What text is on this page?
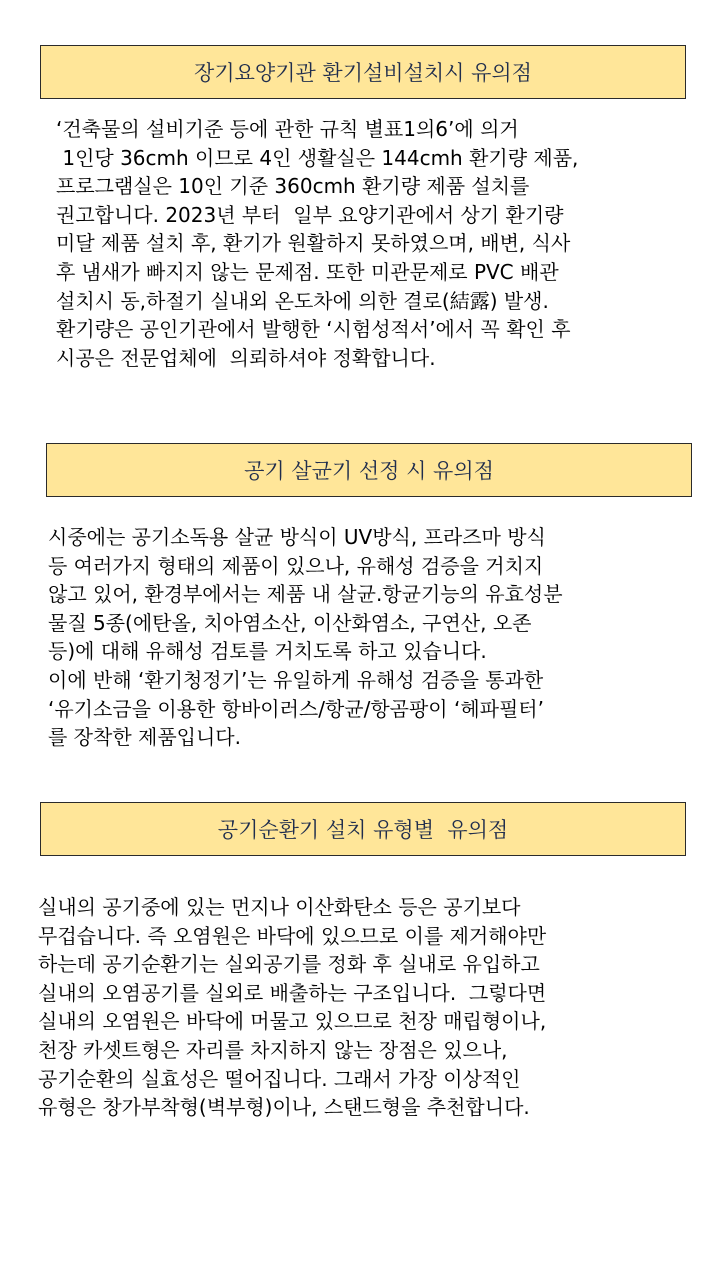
장기요양기관 환기설비설치시 유의점
‘건축물의 설비기준 등에 관한 규칙 별표1의6’에 의거
1인당 36cmh 이므로 4인 생활실은 144cmh 환기량 제품,
프로그램실은 10인 기준 360cmh 환기량 제품 설치를
권고합니다. 2023년 부터  일부 요양기관에서 상기 환기량
미달 제품 설치 후, 환기가 원활하지 못하였으며, 배변, 식사
후 냄새가 빠지지 않는 문제점. 또한 미관문제로 PVC 배관
설치시 동,하절기 실내외 온도차에 의한 결로(結露) 발생.
환기량은 공인기관에서 발행한 ‘시험성적서’에서 꼭 확인 후
시공은 전문업체에  의뢰하셔야 정확합니다.
공기 살균기 선정 시 유의점
시중에는 공기소독용 살균 방식이 UV방식, 프라즈마 방식
등 여러가지 형태의 제품이 있으나, 유해성 검증을 거치지
않고 있어, 환경부에서는 제품 내 살균.항균기능의 유효성분
물질 5종(에탄올, 치아염소산, 이산화염소, 구연산, 오존
등)에 대해 유해성 검토를 거치도록 하고 있습니다.
이에 반해 ‘환기청정기’는 유일하게 유해성 검증을 통과한
‘유기소금을 이용한 항바이러스/항균/항곰팡이 ‘헤파필터’
를 장착한 제품입니다.
공기순환기 설치 유형별  유의점
실내의 공기중에 있는 먼지나 이산화탄소 등은 공기보다
무겁습니다. 즉 오염원은 바닥에 있으므로 이를 제거해야만
하는데 공기순환기는 실외공기를 정화 후 실내로 유입하고
실내의 오염공기를 실외로 배출하는 구조입니다.  그렇다면
실내의 오염원은 바닥에 머물고 있으므로 천장 매립형이나,
천장 카셋트형은 자리를 차지하지 않는 장점은 있으나,
공기순환의 실효성은 떨어집니다. 그래서 가장 이상적인
유형은 창가부착형(벽부형)이나, 스탠드형을 추천합니다.
